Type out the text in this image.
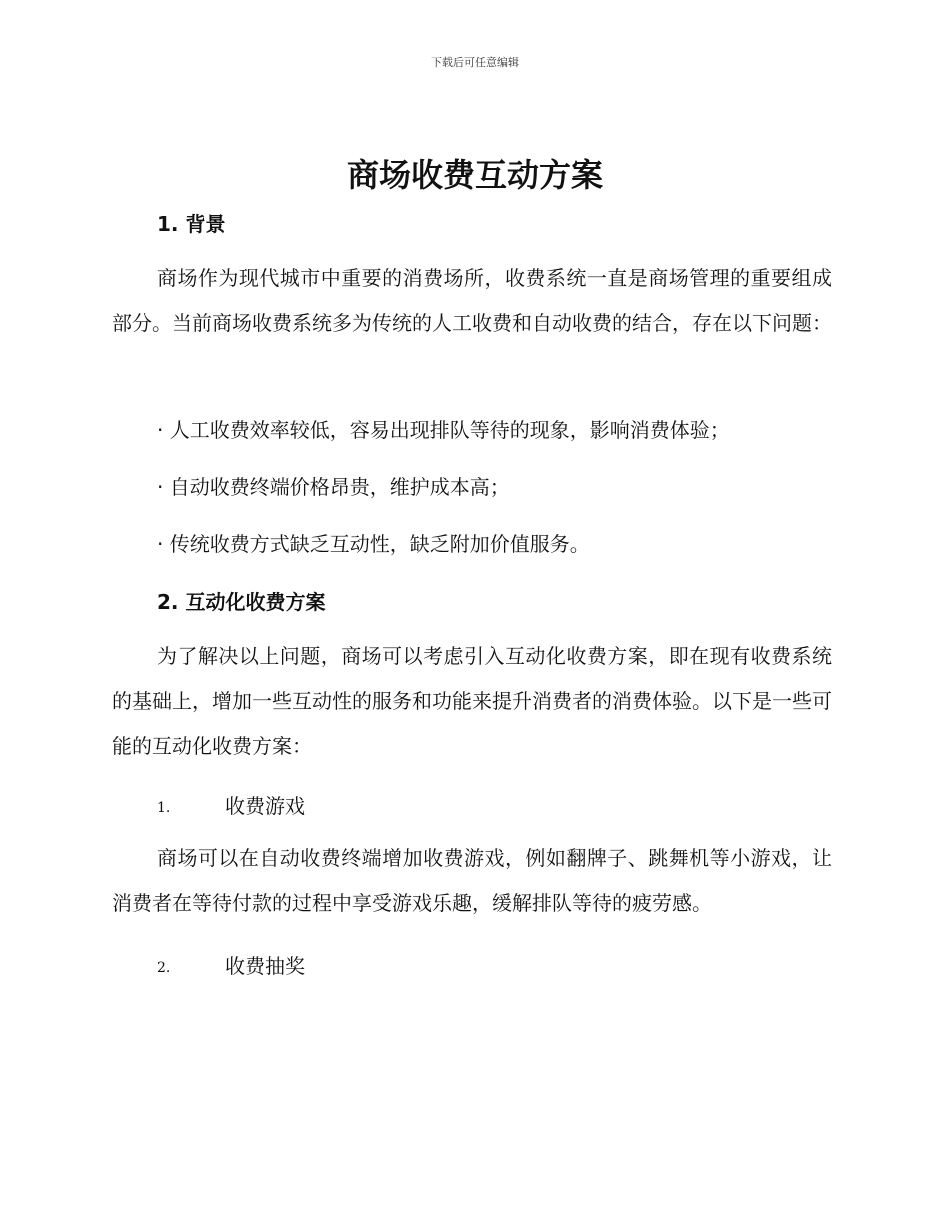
下载后可任意编辑
商场收费互动方案
1. 背景

商场作为现代城市中重要的消费场所，收费系统一直是商场管理的重要组成部分。当前商场收费系统多为传统的人工收费和自动收费的结合，存在以下问题：

· 人工收费效率较低，容易出现排队等待的现象，影响消费体验；

· 自动收费终端价格昂贵，维护成本高；

· 传统收费方式缺乏互动性，缺乏附加价值服务。

2. 互动化收费方案

为了解决以上问题，商场可以考虑引入互动化收费方案，即在现有收费系统的基础上，增加一些互动性的服务和功能来提升消费者的消费体验。以下是一些可能的互动化收费方案：

1.	收费游戏

商场可以在自动收费终端增加收费游戏，例如翻牌子、跳舞机等小游戏，让消费者在等待付款的过程中享受游戏乐趣，缓解排队等待的疲劳感。

2.	收费抽奖
